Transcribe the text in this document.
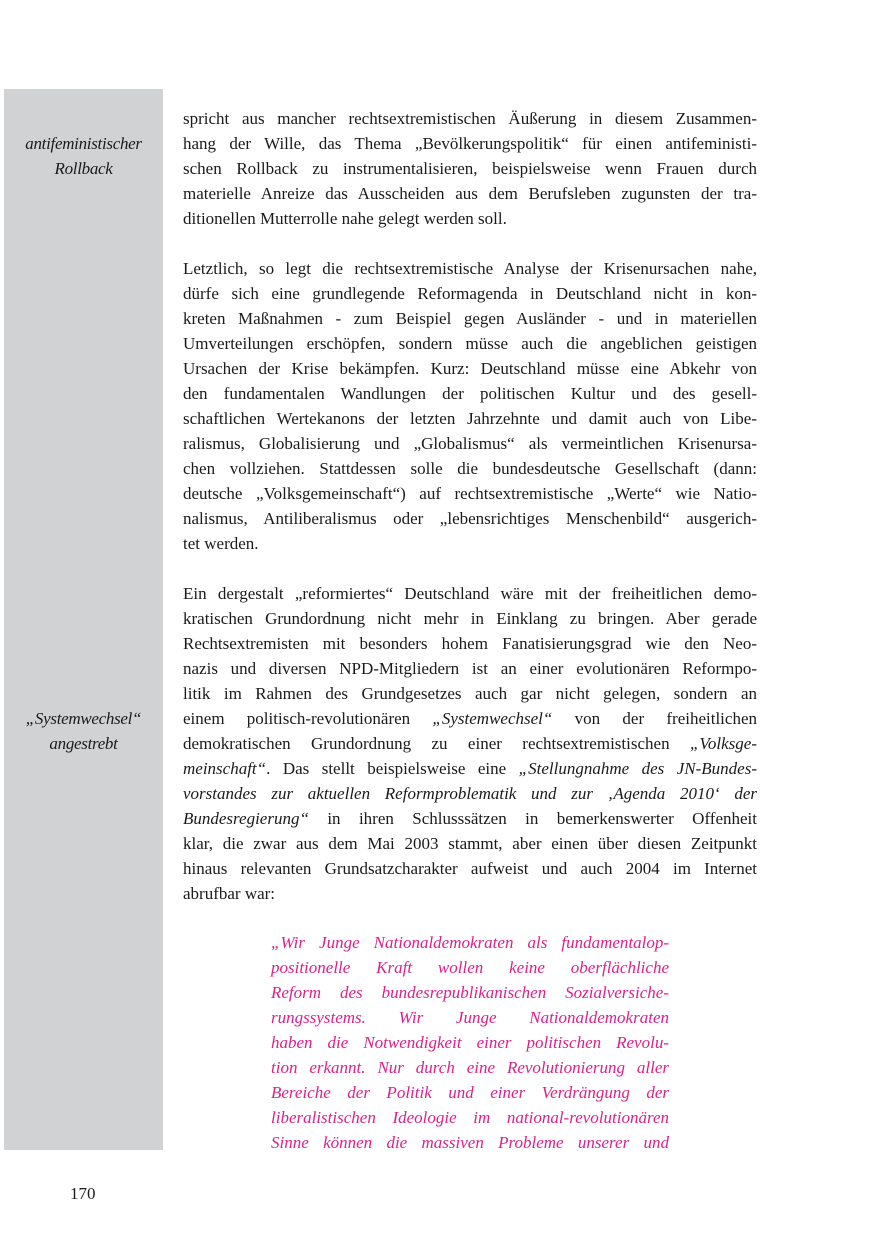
antifeministischer
Rollback
„Systemwechsel“
angestrebt

spricht aus mancher rechtsextremistischen Äußerung in diesem Zusammen-
hang der Wille, das Thema „Bevölkerungspolitik“ für einen antifeministi-
schen Rollback zu instrumentalisieren, beispielsweise wenn Frauen durch
materielle Anreize das Ausscheiden aus dem Berufsleben zugunsten der tra-
ditionellen Mutterrolle nahe gelegt werden soll.

Letztlich, so legt die rechtsextremistische Analyse der Krisenursachen nahe,
dürfe sich eine grundlegende Reformagenda in Deutschland nicht in kon-
kreten Maßnahmen - zum Beispiel gegen Ausländer - und in materiellen
Umverteilungen erschöpfen, sondern müsse auch die angeblichen geistigen
Ursachen der Krise bekämpfen. Kurz: Deutschland müsse eine Abkehr von
den fundamentalen Wandlungen der politischen Kultur und des gesell-
schaftlichen Wertekanons der letzten Jahrzehnte und damit auch von Libe-
ralismus, Globalisierung und „Globalismus“ als vermeintlichen Krisenursa-
chen vollziehen. Stattdessen solle die bundesdeutsche Gesellschaft (dann:
deutsche „Volksgemeinschaft“) auf rechtsextremistische „Werte“ wie Natio-
nalismus, Antiliberalismus oder „lebensrichtiges Menschenbild“ ausgerich-
tet werden.

Ein dergestalt „reformiertes“ Deutschland wäre mit der freiheitlichen demo-
kratischen Grundordnung nicht mehr in Einklang zu bringen. Aber gerade
Rechtsextremisten mit besonders hohem Fanatisierungsgrad wie den Neo-
nazis und diversen NPD-Mitgliedern ist an einer evolutionären Reformpo-
litik im Rahmen des Grundgesetzes auch gar nicht gelegen, sondern an
einem politisch-revolutionären „Systemwechsel“ von der freiheitlichen
demokratischen Grundordnung zu einer rechtsextremistischen „Volksge-
meinschaft“. Das stellt beispielsweise eine „Stellungnahme des JN-Bundes-
vorstandes zur aktuellen Reformproblematik und zur ‚Agenda 2010‘ der
Bundesregierung“ in ihren Schlusssätzen in bemerkenswerter Offenheit
klar, die zwar aus dem Mai 2003 stammt, aber einen über diesen Zeitpunkt
hinaus relevanten Grundsatzcharakter aufweist und auch 2004 im Internet
abrufbar war:

„Wir Junge Nationaldemokraten als fundamentalop-
positionelle Kraft wollen keine oberflächliche
Reform des bundesrepublikanischen Sozialversiche-
rungssystems. Wir Junge Nationaldemokraten
haben die Notwendigkeit einer politischen Revolu-
tion erkannt. Nur durch eine Revolutionierung aller
Bereiche der Politik und einer Verdrängung der
liberalistischen Ideologie im national-revolutionären
Sinne können die massiven Probleme unserer und
170
